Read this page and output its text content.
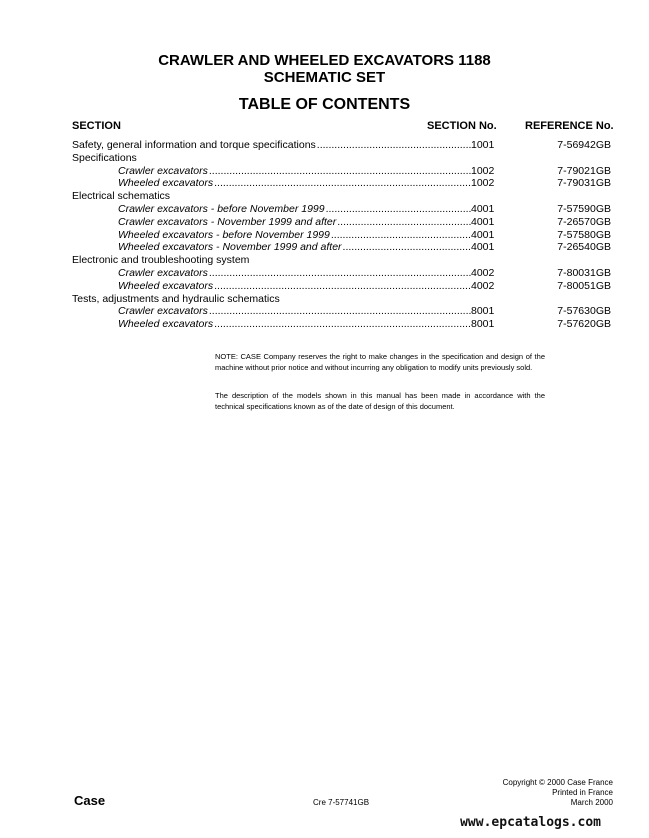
CRAWLER AND WHEELED EXCAVATORS 1188
SCHEMATIC SET
TABLE OF CONTENTS
SECTION	SECTION No.	REFERENCE No.
Safety, general information and torque specifications .....	1001	7-56942GB
Specifications
Crawler excavators .....	1002	7-79021GB
Wheeled excavators .....	1002	7-79031GB
Electrical schematics
Crawler excavators - before November 1999 .....	4001	7-57590GB
Crawler excavators - November 1999 and after .....	4001	7-26570GB
Wheeled excavators - before November 1999 .....	4001	7-57580GB
Wheeled excavators - November 1999 and after .....	4001	7-26540GB
Electronic and troubleshooting system
Crawler excavators .....	4002	7-80031GB
Wheeled excavators .....	4002	7-80051GB
Tests, adjustments and hydraulic schematics
Crawler excavators .....	8001	7-57630GB
Wheeled excavators .....	8001	7-57620GB
NOTE: CASE Company reserves the right to make changes in the specification and design of the machine without prior notice and without incurring any obligation to modify units previously sold.
The description of the models shown in this manual has been made in accordance with the technical specifications known as of the date of design of this document.
Case	Cre 7-57741GB
Copyright © 2000 Case France
Printed in France
March 2000
www.epcatalogs.com
